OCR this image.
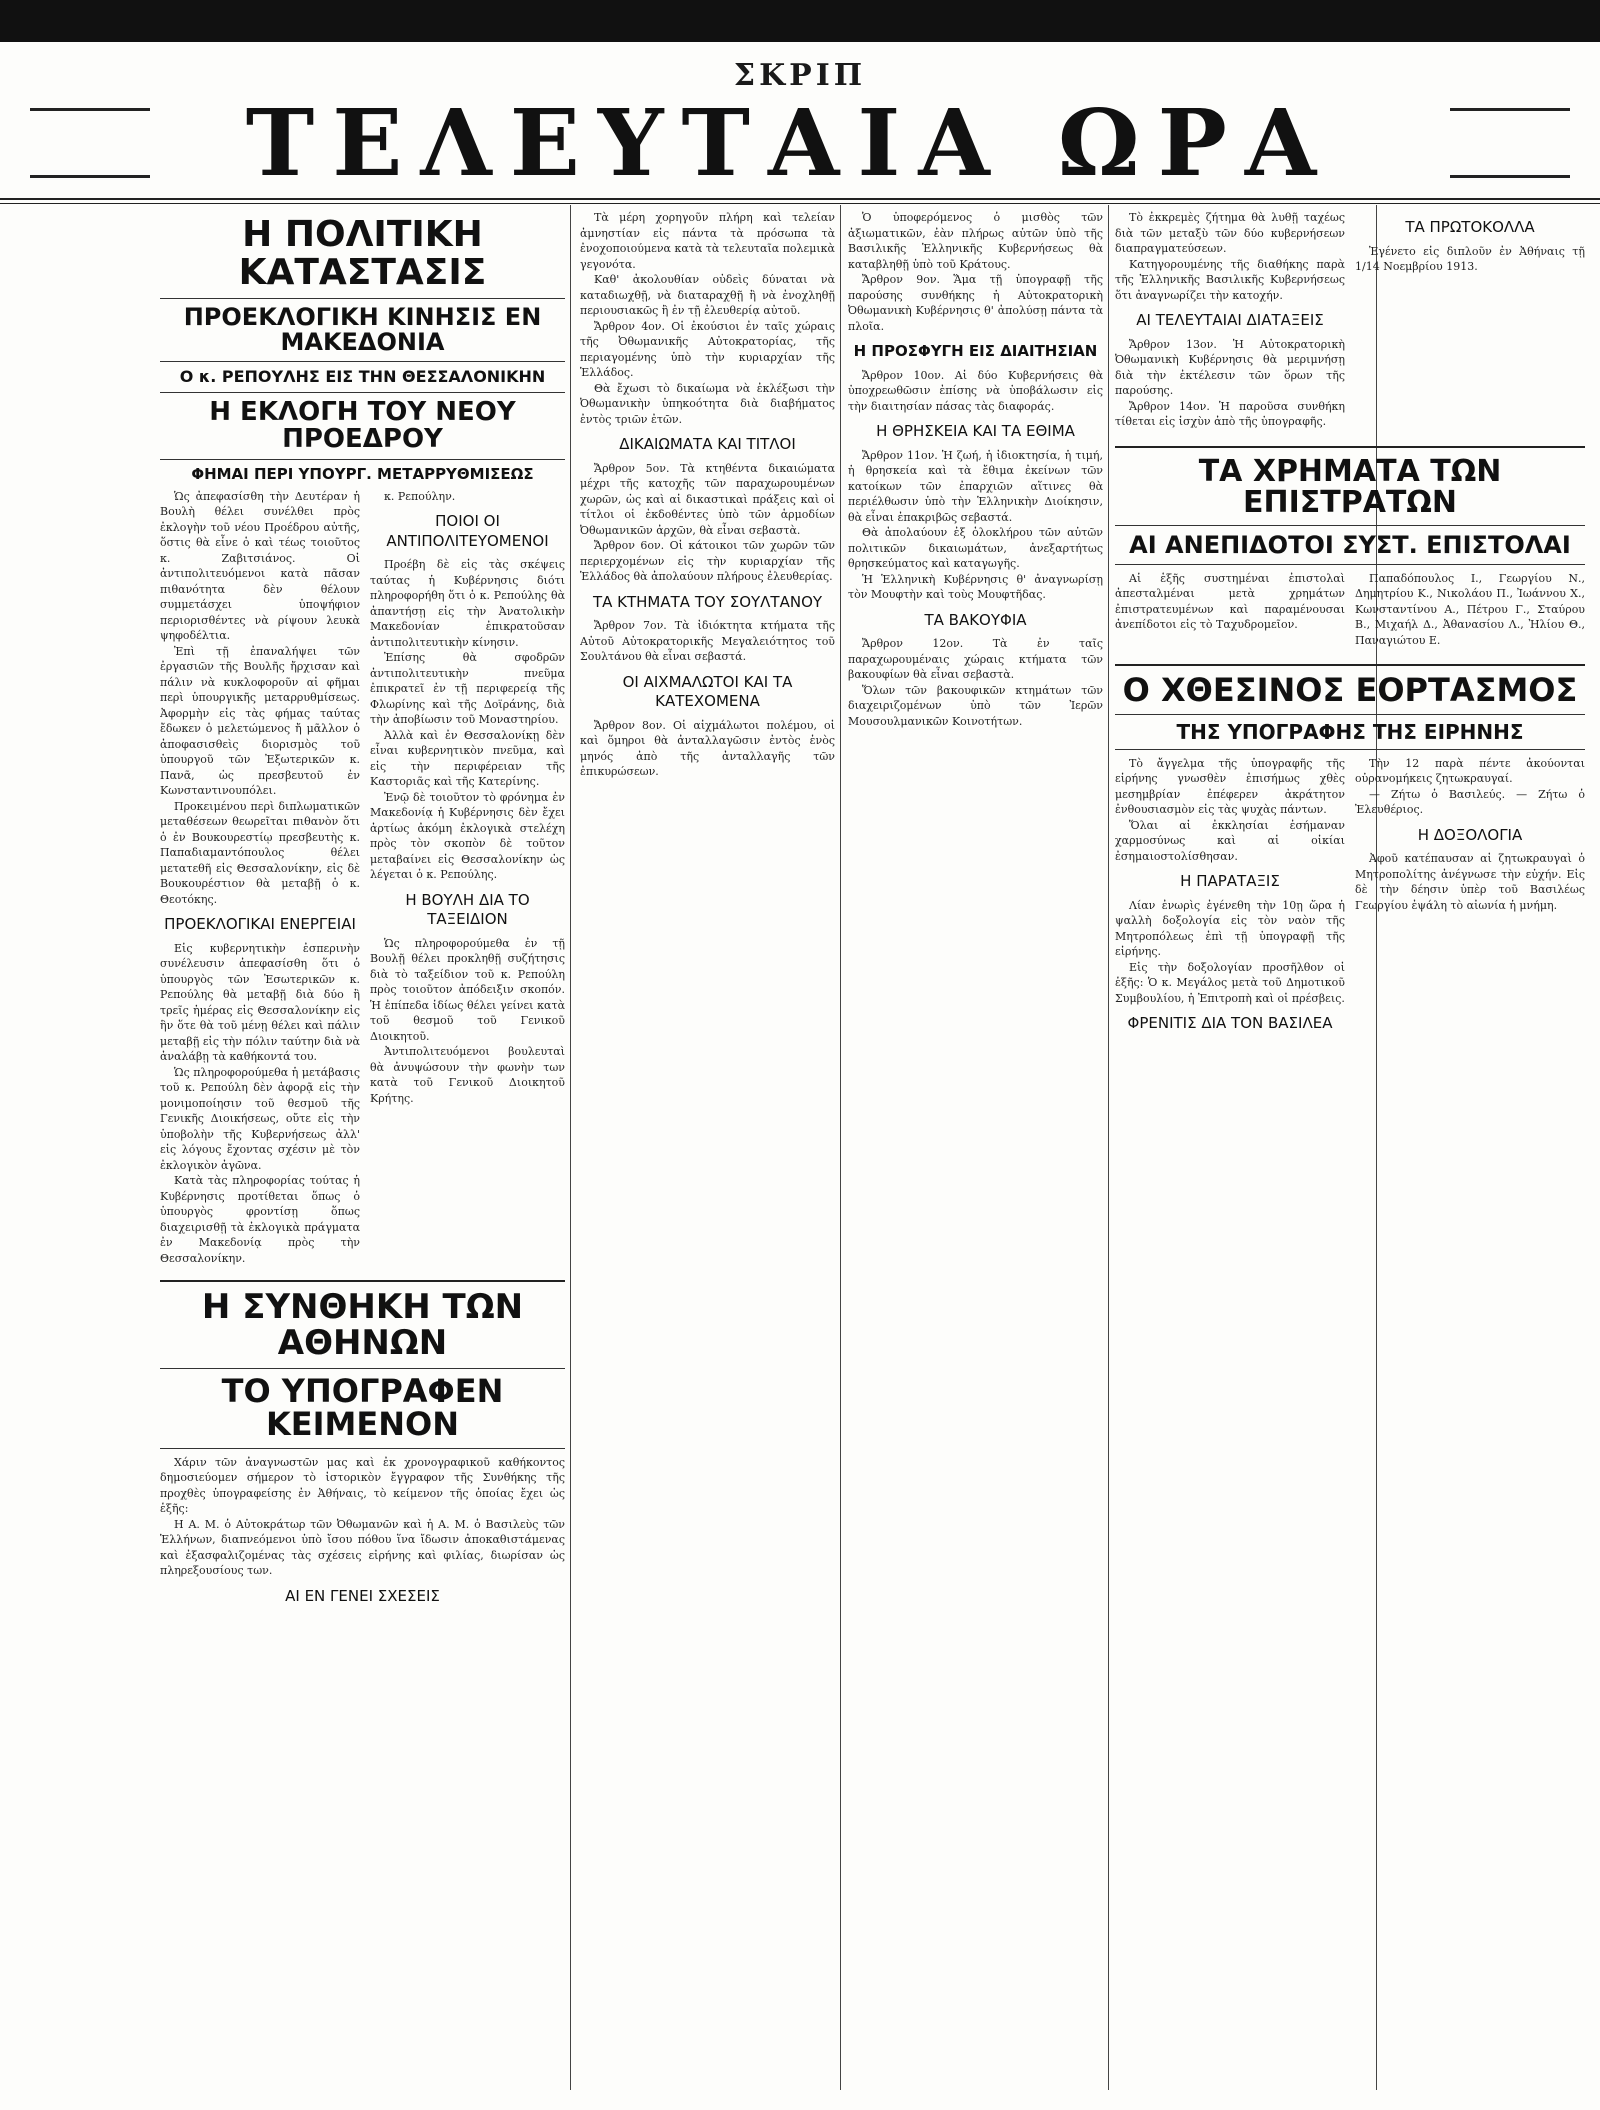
ΣΚΡΙΠ
ΤΕΛΕΥΤΑΙΑ ΩΡΑ
Η ΠΟΛΙΤΙΚΗ ΚΑΤΑΣΤΑΣΙΣ
ΠΡΟΕΚΛΟΓΙΚΗ ΚΙΝΗΣΙΣ ΕΝ ΜΑΚΕΔΟΝΙΑ
Ο κ. ΡΕΠΟΥΛΗΣ ΕΙΣ ΤΗΝ ΘΕΣΣΑΛΟΝΙΚΗΝ
Η ΕΚΛΟΓΗ ΤΟΥ ΝΕΟΥ ΠΡΟΕΔΡΟΥ
ΦΗΜΑΙ ΠΕΡΙ ΥΠΟΥΡΓ. ΜΕΤΑΡΡΥΘΜΙΣΕΩΣ

Ὡς ἀπεφασίσθη τὴν Δευτέραν ἡ Βουλὴ θέλει συνέλθει πρὸς ἐκλογὴν τοῦ νέου Προέδρου αὐτῆς, ὅστις θὰ εἶνε ὁ καὶ τέως τοιοῦτος κ. Ζαβιτσιάνος. Οἱ ἀντιπολιτευόμενοι κατὰ πᾶσαν πιθανότητα δὲν θέλουν συμμετάσχει ὑποψήφιον περιορισθέντες νὰ ρίψουν λευκὰ ψηφοδέλτια.

Ἐπὶ τῇ ἐπαναλήψει τῶν ἐργασιῶν τῆς Βουλῆς ἤρχισαν καὶ πάλιν νὰ κυκλοφοροῦν αἱ φῆμαι περὶ ὑπουργικῆς μεταρρυθμίσεως. Ἀφορμὴν εἰς τὰς φήμας ταύτας ἔδωκεν ὁ μελετώμενος ἤ μᾶλλον ὁ ἀποφασισθεὶς διορισμὸς τοῦ ὑπουργοῦ τῶν Ἐξωτερικῶν κ. Πανᾶ, ὡς πρεσβευτοῦ ἐν Κωνσταντινουπόλει.

Προκειμένου περὶ διπλωματικῶν μεταθέσεων θεωρεῖται πιθανὸν ὅτι ὁ ἐν Βουκουρεστίῳ πρεσβευτὴς κ. Παπαδιαμαντόπουλος θέλει μετατεθῆ εἰς Θεσσαλονίκην, εἰς δὲ Βουκουρέστιον θὰ μεταβῇ ὁ κ. Θεοτόκης.

ΠΡΟΕΚΛΟΓΙΚΑΙ ΕΝΕΡΓΕΙΑΙ

Εἰς κυβερνητικὴν ἐσπερινὴν συνέλευσιν ἀπεφασίσθη ὅτι ὁ ὑπουργὸς τῶν Ἐσωτερικῶν κ. Ρεπούλης θὰ μεταβῇ διὰ δύο ἢ τρεῖς ἡμέρας εἰς Θεσσαλονίκην εἰς ἣν ὅτε θὰ τοῦ μένῃ θέλει καὶ πάλιν μεταβῇ εἰς τὴν πόλιν ταύτην διὰ νὰ ἀναλάβῃ τὰ καθήκοντά του.

Ὡς πληροφορούμεθα ἡ μετάβασις τοῦ κ. Ρεπούλη δὲν ἀφορᾷ εἰς τὴν μονιμοποίησιν τοῦ θεσμοῦ τῆς Γενικῆς Διοικήσεως, οὔτε εἰς τὴν ὑποβολὴν τῆς Κυβερνήσεως ἀλλ' εἰς λόγους ἔχοντας σχέσιν μὲ τὸν ἐκλογικὸν ἀγῶνα.

Κατὰ τὰς πληροφορίας τούτας ἡ Κυβέρνησις προτίθεται ὅπως ὁ ὑπουργὸς φροντίσῃ ὅπως διαχειρισθῇ τὰ ἐκλογικὰ πράγματα ἐν Μακεδονίᾳ πρὸς τὴν Θεσσαλονίκην.

κ. Ρεπούλην.

ΠΟΙΟΙ ΟΙ ΑΝΤΙΠΟΛΙΤΕΥΟΜΕΝΟΙ

Προέβη δὲ εἰς τὰς σκέψεις ταύτας ἡ Κυβέρνησις διότι πληροφορήθη ὅτι ὁ κ. Ρεπούλης θὰ ἀπαντήσῃ εἰς τὴν Ἀνατολικὴν Μακεδονίαν ἐπικρατοῦσαν ἀντιπολιτευτικὴν κίνησιν.

Ἐπίσης θὰ σφοδρῶν ἀντιπολιτευτικὴν πνεῦμα ἐπικρατεῖ ἐν τῇ περιφερείᾳ τῆς Φλωρίνης καὶ τῆς Δοϊράνης, διὰ τὴν ἀποβίωσιν τοῦ Μοναστηρίου.

Ἀλλὰ καὶ ἐν Θεσσαλονίκῃ δὲν εἶναι κυβερνητικὸν πνεῦμα, καὶ εἰς τὴν περιφέρειαν τῆς Καστοριᾶς καὶ τῆς Κατερίνης.

Ἐνῷ δὲ τοιοῦτον τὸ φρόνημα ἐν Μακεδονίᾳ ἡ Κυβέρνησις δὲν ἔχει ἀρτίως ἀκόμη ἐκλογικὰ στελέχη πρὸς τὸν σκοπὸν δὲ τοῦτον μεταβαίνει εἰς Θεσσαλονίκην ὡς λέγεται ὁ κ. Ρεπούλης.

Η ΒΟΥΛΗ ΔΙΑ ΤΟ ΤΑΞΕΙΔΙΟΝ

Ὡς πληροφορούμεθα ἐν τῇ Βουλῇ θέλει προκληθῇ συζήτησις διὰ τὸ ταξείδιον τοῦ κ. Ρεπούλη πρὸς τοιοῦτον ἀπόδειξιν σκοπόν. Ἡ ἐπίπεδα ἰδίως θέλει γείνει κατὰ τοῦ θεσμοῦ τοῦ Γενικοῦ Διοικητοῦ.

Ἀντιπολιτευόμενοι βουλευταὶ θὰ ἀνυψώσουν τὴν φωνὴν των κατὰ τοῦ Γενικοῦ Διοικητοῦ Κρήτης.

Η ΣΥΝΘΗΚΗ ΤΩΝ ΑΘΗΝΩΝ
ΤΟ ΥΠΟΓΡΑΦΕΝ ΚΕΙΜΕΝΟΝ

Χάριν τῶν ἀναγνωστῶν μας καὶ ἐκ χρονογραφικοῦ καθήκοντος δημοσιεύομεν σήμερον τὸ ἱστορικὸν ἔγγραφον τῆς Συνθήκης τῆς προχθὲς ὑπογραφείσης ἐν Ἀθήναις, τὸ κείμενον τῆς ὁποίας ἔχει ὡς ἑξῆς:

Η Α. Μ. ὁ Αὐτοκράτωρ τῶν Ὀθωμανῶν καὶ ἡ Α. Μ. ὁ Βασιλεὺς τῶν Ἑλλήνων, διαπνεόμενοι ὑπὸ ἴσου πόθου ἵνα ἴδωσιν ἀποκαθιστάμενας καὶ ἐξασφαλιζομένας τὰς σχέσεις εἰρήνης καὶ φιλίας, διωρίσαν ὡς πληρεξουσίους των.

ΑΙ ΕΝ ΓΕΝΕΙ ΣΧΕΣΕΙΣ

Τὰ μέρη χορηγοῦν πλήρη καὶ τελείαν ἀμνηστίαν εἰς πάντα τὰ πρόσωπα τὰ ἐνοχοποιούμενα κατὰ τὰ τελευταῖα πολεμικὰ γεγονότα.

Καθ' ἀκολουθίαν οὐδεὶς δύναται νὰ καταδιωχθῇ, νὰ διαταραχθῇ ἢ νὰ ἐνοχληθῇ περιουσιακῶς ἢ ἐν τῇ ἐλευθερίᾳ αὐτοῦ.

Ἄρθρον 4ον. Οἱ ἐκούσιοι ἐν ταῖς χώραις τῆς Ὀθωμανικῆς Αὐτοκρατορίας, τῆς περιαγομένης ὑπὸ τὴν κυριαρχίαν τῆς Ἑλλάδος.

Θὰ ἔχωσι τὸ δικαίωμα νὰ ἐκλέξωσι τὴν Ὀθωμανικὴν ὑπηκοότητα διὰ διαβήματος ἐντὸς τριῶν ἐτῶν.

ΔΙΚΑΙΩΜΑΤΑ ΚΑΙ ΤΙΤΛΟΙ

Ἄρθρον 5ον. Τὰ κτηθέντα δικαιώματα μέχρι τῆς κατοχῆς τῶν παραχωρουμένων χωρῶν, ὡς καὶ αἱ δικαστικαὶ πράξεις καὶ οἱ τίτλοι οἱ ἐκδοθέντες ὑπὸ τῶν ἁρμοδίων Ὀθωμανικῶν ἀρχῶν, θὰ εἶναι σεβαστὰ.

Ἄρθρον 6ον. Οἱ κάτοικοι τῶν χωρῶν τῶν περιερχομένων εἰς τὴν κυριαρχίαν τῆς Ἑλλάδος θὰ ἀπολαύουν πλήρους ἐλευθερίας.

ΤΑ ΚΤΗΜΑΤΑ ΤΟΥ ΣΟΥΛΤΑΝΟΥ

Ἄρθρον 7ον. Τὰ ἰδιόκτητα κτήματα τῆς Αὐτοῦ Αὐτοκρατορικῆς Μεγαλειότητος τοῦ Σουλτάνου θὰ εἶναι σεβαστά.

ΟΙ ΑΙΧΜΑΛΩΤΟΙ ΚΑΙ ΤΑ ΚΑΤΕΧΟΜΕΝΑ

Ἄρθρον 8ον. Οἱ αἰχμάλωτοι πολέμου, οἱ καὶ ὅμηροι θὰ ἀνταλλαγῶσιν ἐντὸς ἑνὸς μηνός ἀπὸ τῆς ἀνταλλαγῆς τῶν ἐπικυρώσεων.

Ὁ ὑποφερόμενος ὁ μισθὸς τῶν ἀξιωματικῶν, ἐὰν πλήρως αὐτῶν ὑπὸ τῆς Βασιλικῆς Ἑλληνικῆς Κυβερνήσεως θὰ καταβληθῇ ὑπὸ τοῦ Κράτους.

Ἄρθρον 9ον. Ἅμα τῇ ὑπογραφῇ τῆς παρούσης συνθήκης ἡ Αὐτοκρατορικὴ Ὀθωμανικὴ Κυβέρνησις θ' ἀπολύσῃ πάντα τὰ πλοῖα.

Η ΠΡΟΣΦΥΓΗ ΕΙΣ ΔΙΑΙΤΗΣΙΑΝ

Ἄρθρον 10ον. Αἱ δύο Κυβερνήσεις θὰ ὑποχρεωθῶσιν ἐπίσης νὰ ὑποβάλωσιν εἰς τὴν διαιτησίαν πάσας τὰς διαφοράς.

Η ΘΡΗΣΚΕΙΑ ΚΑΙ ΤΑ ΕΘΙΜΑ

Ἄρθρον 11ον. Ἡ ζωή, ἡ ἰδιοκτησία, ἡ τιμή, ἡ θρησκεία καὶ τὰ ἔθιμα ἐκείνων τῶν κατοίκων τῶν ἐπαρχιῶν αἵτινες θὰ περιέλθωσιν ὑπὸ τὴν Ἑλληνικὴν Διοίκησιν, θὰ εἶναι ἐπακριβῶς σεβαστά.

Θὰ ἀπολαύουν ἐξ ὁλοκλήρου τῶν αὐτῶν πολιτικῶν δικαιωμάτων, ἀνεξαρτήτως θρησκεύματος καὶ καταγωγῆς.

Ἡ Ἑλληνικὴ Κυβέρνησις θ' ἀναγνωρίσῃ τὸν Μουφτὴν καὶ τοὺς Μουφτῆδας.

ΤΑ ΒΑΚΟΥΦΙΑ

Ἄρθρον 12ον. Τὰ ἐν ταῖς παραχωρουμέναις χώραις κτήματα τῶν βακουφίων θὰ εἶναι σεβαστὰ.

Ὅλων τῶν βακουφικῶν κτημάτων τῶν διαχειριζομένων ὑπὸ τῶν Ἰερῶν Μουσουλμανικῶν Κοινοτήτων.

Τὸ ἐκκρεμὲς ζήτημα θὰ λυθῇ ταχέως διὰ τῶν μεταξὺ τῶν δύο κυβερνήσεων διαπραγματεύσεων.

Κατηγορουμένης τῆς διαθήκης παρὰ τῆς Ἑλληνικῆς Βασιλικῆς Κυβερνήσεως ὅτι ἀναγνωρίζει τὴν κατοχήν.

ΑΙ ΤΕΛΕΥΤΑΙΑΙ ΔΙΑΤΑΞΕΙΣ

Ἄρθρον 13ον. Ἡ Αὐτοκρατορικὴ Ὀθωμανικὴ Κυβέρνησις θὰ μεριμνήσῃ διὰ τὴν ἐκτέλεσιν τῶν ὅρων τῆς παρούσης.

Ἄρθρον 14ον. Ἡ παροῦσα συνθήκη τίθεται εἰς ἰσχὺν ἀπὸ τῆς ὑπογραφῆς.

ΤΑ ΠΡΩΤΟΚΟΛΛΑ

Ἐγένετο εἰς διπλοῦν ἐν Ἀθήναις τῇ 1/14 Νοεμβρίου 1913.

ΤΑ ΧΡΗΜΑΤΑ ΤΩΝ ΕΠΙΣΤΡΑΤΩΝ
ΑΙ ΑΝΕΠΙΔΟΤΟΙ ΣΥΣΤ. ΕΠΙΣΤΟΛΑΙ

Αἱ ἑξῆς συστημέναι ἐπιστολαὶ ἀπεσταλμέναι μετὰ χρημάτων ἐπιστρατευμένων καὶ παραμένουσαι ἀνεπίδοτοι εἰς τὸ Ταχυδρομεῖον.

Παπαδόπουλος Ι., Γεωργίου Ν., Δημητρίου Κ., Νικολάου Π., Ἰωάννου Χ., Κωνσταντίνου Α., Πέτρου Γ., Σταύρου Β., Μιχαήλ Δ., Ἀθανασίου Λ., Ἠλίου Θ., Παναγιώτου Ε.

Ο ΧΘΕΣΙΝΟΣ ΕΟΡΤΑΣΜΟΣ
ΤΗΣ ΥΠΟΓΡΑΦΗΣ ΤΗΣ ΕΙΡΗΝΗΣ

Τὸ ἄγγελμα τῆς ὑπογραφῆς τῆς εἰρήνης γνωσθὲν ἐπισήμως χθὲς μεσημβρίαν ἐπέφερεν ἀκράτητον ἐνθουσιασμὸν εἰς τὰς ψυχὰς πάντων.

Ὅλαι αἱ ἐκκλησίαι ἐσήμαναν χαρμοσύνως καὶ αἱ οἰκίαι ἐσημαιοστολίσθησαν.

Η ΠΑΡΑΤΑΞΙΣ

Λίαν ἐνωρὶς ἐγένεθη τὴν 10ῃ ὥρα ἡ ψαλλὴ δοξολογία εἰς τὸν ναὸν τῆς Μητροπόλεως ἐπὶ τῇ ὑπογραφῇ τῆς εἰρήνης.

Εἰς τὴν δοξολογίαν προσῆλθον οἱ ἑξῆς: Ὁ κ. Μεγάλος μετὰ τοῦ Δημοτικοῦ Συμβουλίου, ἡ Ἐπιτροπὴ καὶ οἱ πρέσβεις.

ΦΡΕΝΙΤΙΣ ΔΙΑ ΤΟΝ ΒΑΣΙΛΕΑ

Τὴν 12 παρὰ πέντε ἀκούονται οὐρανομήκεις ζητωκραυγαί.

— Ζήτω ὁ Βασιλεύς. — Ζήτω ὁ Ἐλευθέριος.

Η ΔΟΞΟΛΟΓΙΑ

Ἀφοῦ κατέπαυσαν αἱ ζητωκραυγαὶ ὁ Μητροπολίτης ἀνέγνωσε τὴν εὐχήν. Εἰς δὲ τὴν δέησιν ὑπὲρ τοῦ Βασιλέως Γεωργίου ἐψάλη τὸ αἰωνία ἡ μνήμη.
